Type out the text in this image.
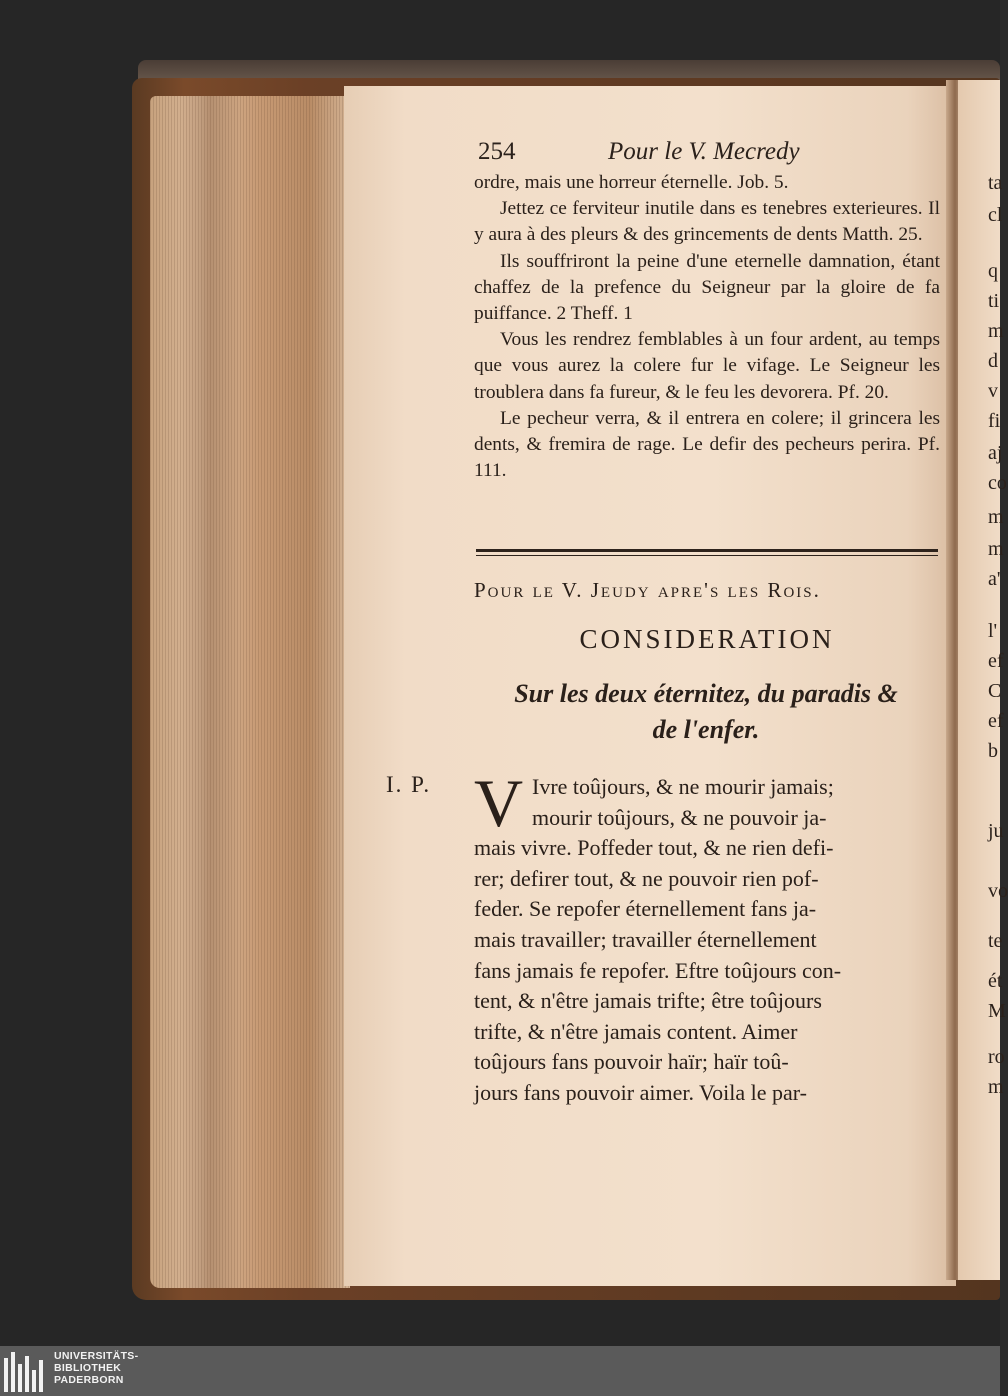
ta
cl
q
ti
m
d
v
fi
aj
co
m
m
a'
l'
ef
C
ef
b
ju
vo
te
ét
M
ro
m
254	Pour le V. Mecredy

ordre, mais une horreur éternelle. Job. 5.

Jettez ce ferviteur inutile dans es tenebres exterieures. Il y aura à des pleurs & des grincements de dents Matth. 25.

Ils souffriront la peine d'une eternelle damnation, étant chaffez de la prefence du Seigneur par la gloire de fa puiffance. 2 Theff. 1

Vous les rendrez femblables à un four ardent, au temps que vous aurez la colere fur le vifage. Le Seigneur les troublera dans fa fureur, & le feu les devorera. Pf. 20.

Le pecheur verra, & il entrera en colere; il grincera les dents, & fremira de rage. Le defir des pecheurs perira. Pf. 111.

Pour le V. Jeudy apre's les Rois.
CONSIDERATION
Sur les deux éternitez, du paradis &
de l'enfer.
I. P. V Ivre toûjours, & ne mourir jamais;
mourir toûjours, & ne pouvoir ja-
mais vivre. Poffeder tout, & ne rien defi-
rer; defirer tout, & ne pouvoir rien pof-
feder. Se repofer éternellement fans ja-
mais travailler; travailler éternellement
fans jamais fe repofer. Eftre toûjours con-
tent, & n'être jamais trifte; être toûjours
trifte, & n'être jamais content. Aimer
toûjours fans pouvoir haïr; haïr toû-
jours fans pouvoir aimer. Voila le par-
UNIVERSITÄTS-
BIBLIOTHEK
PADERBORN
